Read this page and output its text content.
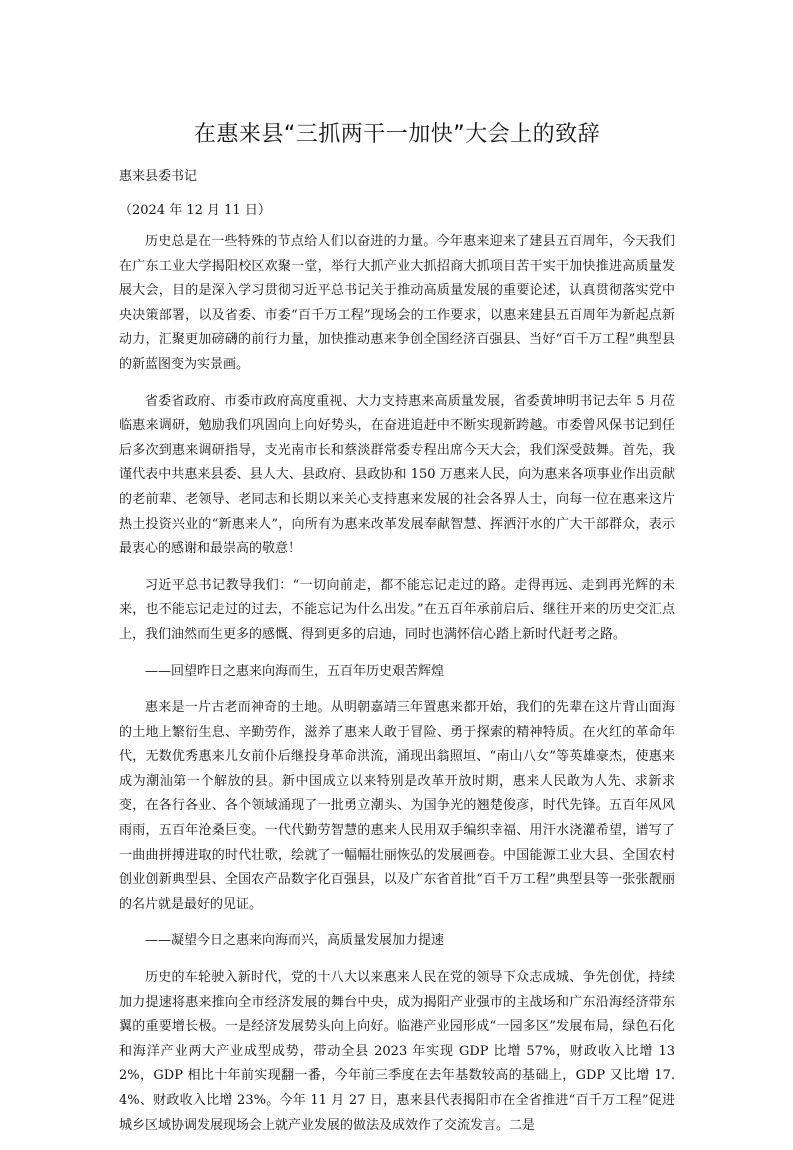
在惠来县“三抓两干一加快”大会上的致辞

惠来县委书记

（2024 年 12 月 11 日）

历史总是在一些特殊的节点给人们以奋进的力量。今年惠来迎来了建县五百周年，今天我们在广东工业大学揭阳校区欢聚一堂，举行大抓产业大抓招商大抓项目苦干实干加快推进高质量发展大会，目的是深入学习贯彻习近平总书记关于推动高质量发展的重要论述，认真贯彻落实党中央决策部署，以及省委、市委“百千万工程”现场会的工作要求，以惠来建县五百周年为新起点新动力，汇聚更加磅礴的前行力量，加快推动惠来争创全国经济百强县、当好“百千万工程”典型县的新蓝图变为实景画。

省委省政府、市委市政府高度重视、大力支持惠来高质量发展，省委黄坤明书记去年 5 月莅临惠来调研，勉励我们巩固向上向好势头，在奋进追赶中不断实现新跨越。市委曾风保书记到任后多次到惠来调研指导，支光南市长和蔡淡群常委专程出席今天大会，我们深受鼓舞。首先，我谨代表中共惠来县委、县人大、县政府、县政协和 150 万惠来人民，向为惠来各项事业作出贡献的老前辈、老领导、老同志和长期以来关心支持惠来发展的社会各界人士，向每一位在惠来这片热土投资兴业的“新惠来人”，向所有为惠来改革发展奉献智慧、挥洒汗水的广大干部群众，表示最衷心的感谢和最崇高的敬意！

习近平总书记教导我们：“一切向前走，都不能忘记走过的路。走得再远、走到再光辉的未来，也不能忘记走过的过去，不能忘记为什么出发。”在五百年承前启后、继往开来的历史交汇点上，我们油然而生更多的感慨、得到更多的启迪，同时也满怀信心踏上新时代赶考之路。

——回望昨日之惠来向海而生，五百年历史艰苦辉煌

惠来是一片古老而神奇的土地。从明朝嘉靖三年置惠来都开始，我们的先辈在这片背山面海的土地上繁衍生息、辛勤劳作，滋养了惠来人敢于冒险、勇于探索的精神特质。在火红的革命年代，无数优秀惠来儿女前仆后继投身革命洪流，涌现出翁照垣、“南山八女”等英雄豪杰，使惠来成为潮汕第一个解放的县。新中国成立以来特别是改革开放时期，惠来人民敢为人先、求新求变，在各行各业、各个领域涌现了一批勇立潮头、为国争光的翘楚俊彦，时代先锋。五百年风风雨雨，五百年沧桑巨变。一代代勤劳智慧的惠来人民用双手编织幸福、用汗水浇灌希望，谱写了一曲曲拼搏进取的时代壮歌，绘就了一幅幅壮丽恢弘的发展画卷。中国能源工业大县、全国农村创业创新典型县、全国农产品数字化百强县，以及广东省首批“百千万工程”典型县等一张张靓丽的名片就是最好的见证。

——凝望今日之惠来向海而兴，高质量发展加力提速

历史的车轮驶入新时代，党的十八大以来惠来人民在党的领导下众志成城、争先创优，持续加力提速将惠来推向全市经济发展的舞台中央，成为揭阳产业强市的主战场和广东沿海经济带东翼的重要增长极。一是经济发展势头向上向好。临港产业园形成“一园多区”发展布局，绿色石化和海洋产业两大产业成型成势，带动全县 2023 年实现 GDP 比增 57%，财政收入比增 132%，GDP 相比十年前实现翻一番，今年前三季度在去年基数较高的基础上，GDP 又比增 17.4%、财政收入比增 23%。今年 11 月 27 日，惠来县代表揭阳市在全省推进“百千万工程”促进城乡区域协调发展现场会上就产业发展的做法及成效作了交流发言。二是
